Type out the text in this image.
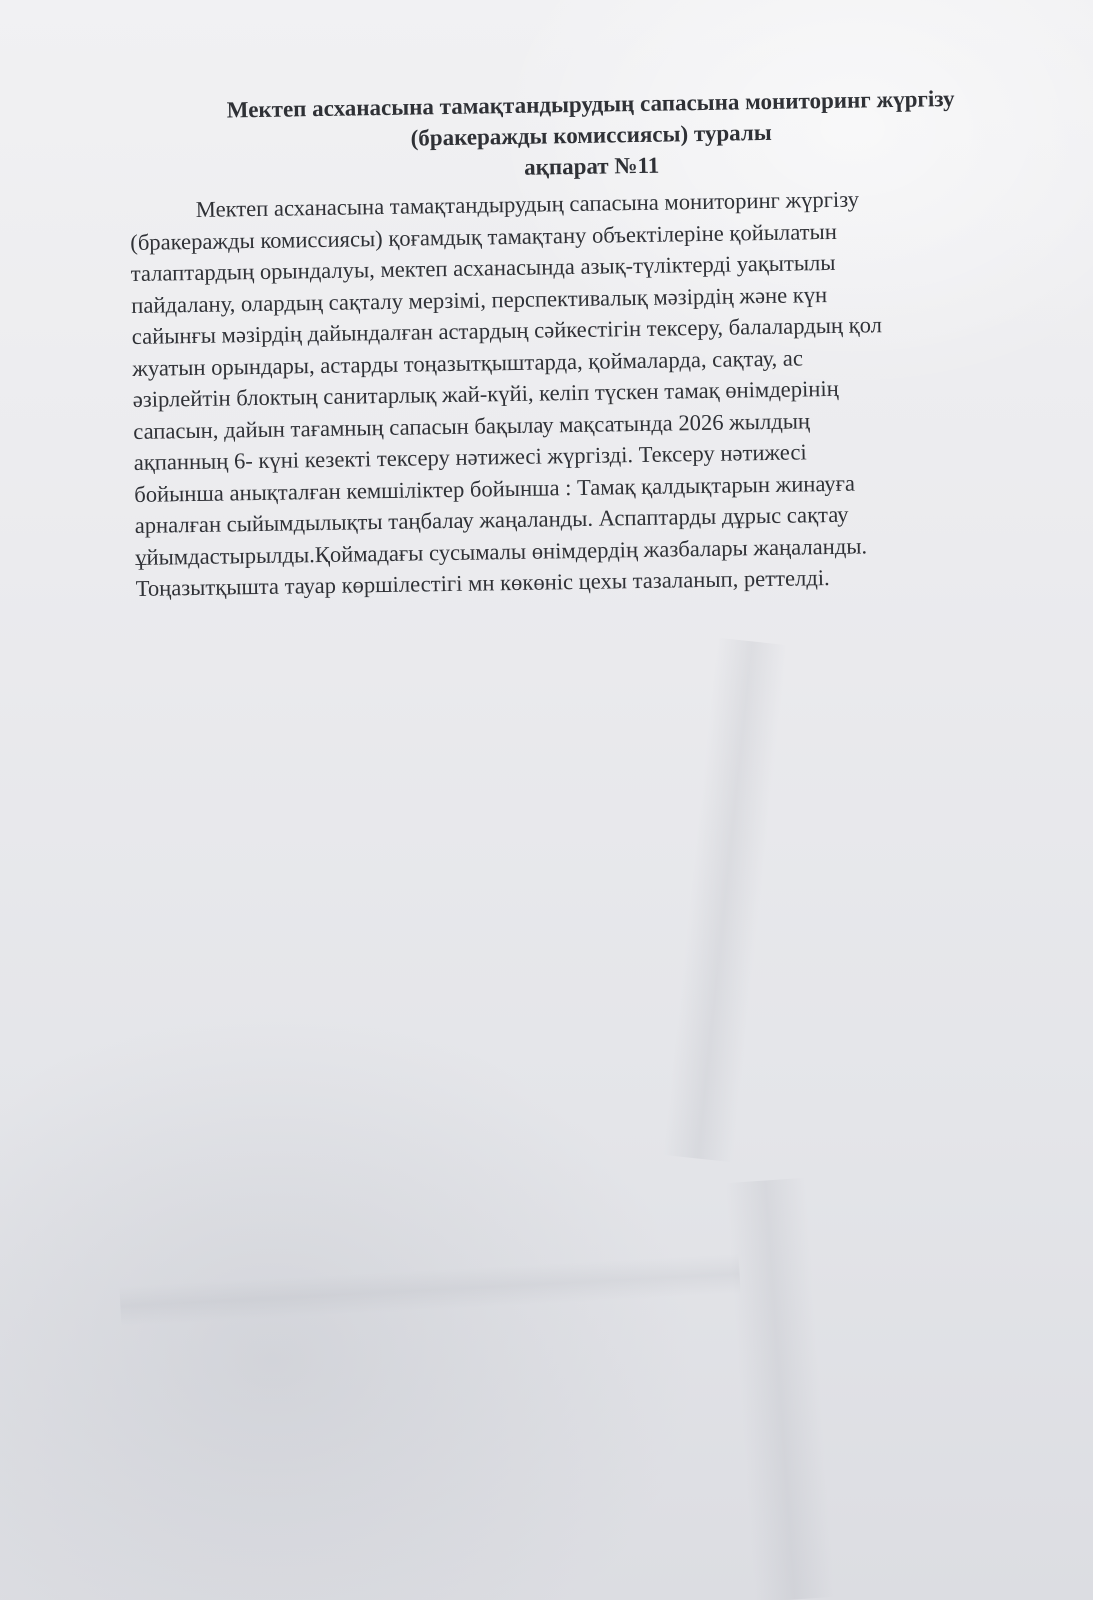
Мектеп асханасына тамақтандырудың сапасына мониторинг жүргізу
(бракеражды комиссиясы) туралы
ақпарат №11

Мектеп асханасына тамақтандырудың сапасына мониторинг жүргізу
(бракеражды комиссиясы) қоғамдық тамақтану объектілеріне қойылатын
талаптардың орындалуы, мектеп асханасында азық-түліктерді уақытылы
пайдалану, олардың сақталу мерзімі, перспективалық мәзірдің және күн
сайынғы мәзірдің дайындалған астардың сәйкестігін тексеру, балалардың қол
жуатын орындары, астарды тоңазытқыштарда, қоймаларда, сақтау, ас
әзірлейтін блоктың санитарлық жай-күйі, келіп түскен тамақ өнімдерінің
сапасын, дайын тағамның сапасын бақылау мақсатында 2026 жылдың
ақпанның 6- күні кезекті тексеру нәтижесі жүргізді. Тексеру нәтижесі
бойынша анықталған кемшіліктер бойынша : Тамақ қалдықтарын жинауға
арналған сыйымдылықты таңбалау жаңаланды. Аспаптарды дұрыс сақтау
ұйымдастырылды.Қоймадағы сусымалы өнімдердің жазбалары жаңаланды.
Тоңазытқышта тауар көршілестігі мн көкөніс цехы тазаланып, реттелді.
